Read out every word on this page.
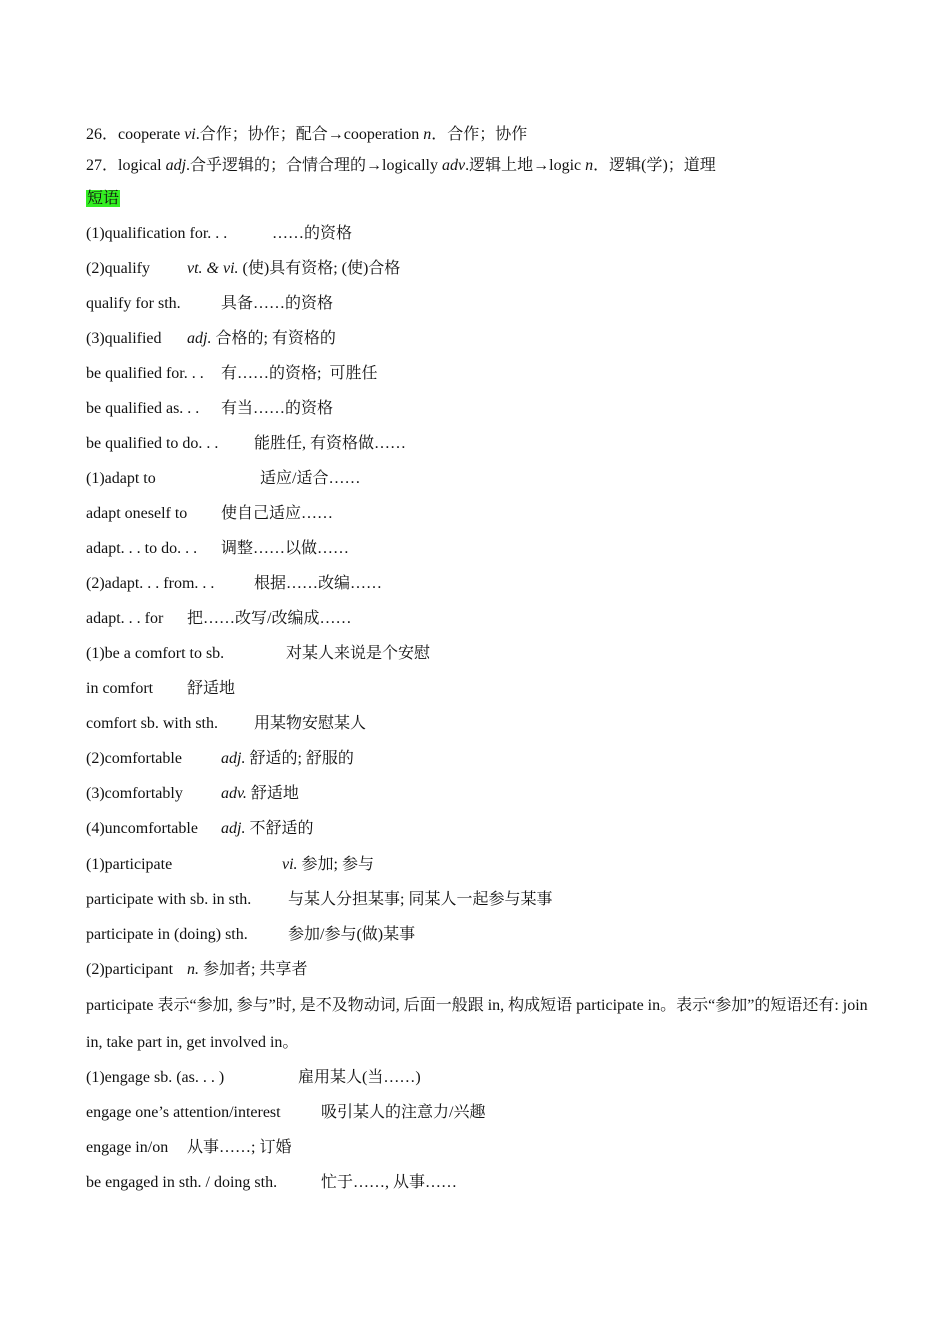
26．cooperate vi.合作；协作；配合→cooperation n．合作；协作
27．logical adj.合乎逻辑的；合情合理的→logically adv.逻辑上地→logic n．逻辑(学)；道理
短语
(1)qualification for. . .	……的资格
(2)qualify vt. & vi. (使)具有资格; (使)合格
qualify for sth. 具备……的资格
(3)qualified adj. 合格的; 有资格的
be qualified for. . . 有……的资格;  可胜任
be qualified as. . . 有当……的资格
be qualified to do. . . 能胜任, 有资格做……
(1)adapt to	适应/适合……
adapt oneself to 使自己适应……
adapt. . . to do. . . 调整……以做……
(2)adapt. . . from. . . 根据……改编……
adapt. . . for 把……改写/改编成……
(1)be a comfort to sb.	对某人来说是个安慰
in comfort 舒适地
comfort sb. with sth. 用某物安慰某人
(2)comfortable adj. 舒适的; 舒服的
(3)comfortably adv. 舒适地
(4)uncomfortable adj. 不舒适的
(1)participate	vi. 参加; 参与
participate with sb. in sth. 与某人分担某事; 同某人一起参与某事
participate in (doing) sth. 参加/参与(做)某事
(2)participant n. 参加者; 共享者
participate 表示“参加, 参与”时, 是不及物动词, 后面一般跟 in, 构成短语 participate in。表示“参加”的短语还有: join in, take part in, get involved in。
(1)engage sb. (as. . . )	雇用某人(当……)
engage one’s attention/interest 吸引某人的注意力/兴趣
engage in/on 从事……; 订婚
be engaged in sth. / doing sth. 忙于……, 从事……
